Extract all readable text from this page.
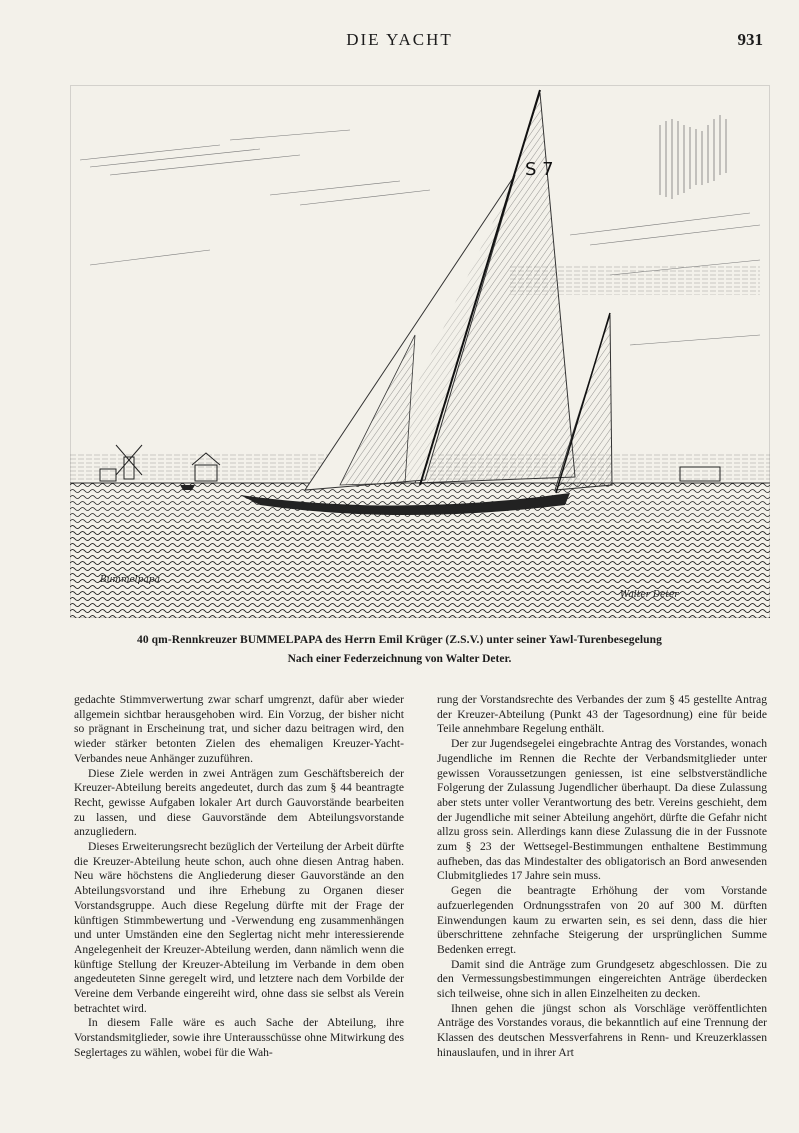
DIE YACHT	931
S 7
Bummelpapa
Walter Deter
40 qm-Rennkreuzer BUMMELPAPA des Herrn Emil Krüger (Z.S.V.) unter seiner Yawl-Turenbesegelung
Nach einer Federzeichnung von Walter Deter.

gedachte Stimmverwertung zwar scharf umgrenzt, dafür aber wieder allgemein sichtbar herausgehoben wird. Ein Vorzug, der bisher nicht so prägnant in Erscheinung trat, und sicher dazu beitragen wird, den wieder stärker betonten Zielen des ehemaligen Kreuzer-Yacht-Verbandes neue Anhänger zuzuführen.

Diese Ziele werden in zwei Anträgen zum Geschäftsbereich der Kreuzer-Abteilung bereits angedeutet, durch das zum § 44 beantragte Recht, gewisse Aufgaben lokaler Art durch Gauvorstände bearbeiten zu lassen, und diese Gauvorstände dem Abteilungsvorstande anzugliedern.

Dieses Erweiterungsrecht bezüglich der Verteilung der Arbeit dürfte die Kreuzer-Abteilung heute schon, auch ohne diesen Antrag haben. Neu wäre höchstens die Angliederung dieser Gauvorstände an den Abteilungsvorstand und ihre Erhebung zu Organen dieser Vorstandsgruppe. Auch diese Regelung dürfte mit der Frage der künftigen Stimmbewertung und -Verwendung eng zusammenhängen und unter Umständen eine den Seglertag nicht mehr interessierende Angelegenheit der Kreuzer-Abteilung werden, dann nämlich wenn die künftige Stellung der Kreuzer-Abteilung im Verbande in dem oben angedeuteten Sinne geregelt wird, und letztere nach dem Vorbilde der Vereine dem Verbande eingereiht wird, ohne dass sie selbst als Verein betrachtet wird.

In diesem Falle wäre es auch Sache der Abteilung, ihre Vorstandsmitglieder, sowie ihre Unterausschüsse ohne Mitwirkung des Seglertages zu wählen, wobei für die Wah-

rung der Vorstandsrechte des Verbandes der zum § 45 gestellte Antrag der Kreuzer-Abteilung (Punkt 43 der Tagesordnung) eine für beide Teile annehmbare Regelung enthält.

Der zur Jugendsegelei eingebrachte Antrag des Vorstandes, wonach Jugendliche im Rennen die Rechte der Verbandsmitglieder unter gewissen Voraussetzungen geniessen, ist eine selbstverständliche Folgerung der Zulassung Jugendlicher überhaupt. Da diese Zulassung aber stets unter voller Verantwortung des betr. Vereins geschieht, dem der Jugendliche mit seiner Abteilung angehört, dürfte die Gefahr nicht allzu gross sein. Allerdings kann diese Zulassung die in der Fussnote zum § 23 der Wettsegel-Bestimmungen enthaltene Bestimmung aufheben, das das Mindestalter des obligatorisch an Bord anwesenden Clubmitgliedes 17 Jahre sein muss.

Gegen die beantragte Erhöhung der vom Vorstande aufzuerlegenden Ordnungsstrafen von 20 auf 300 M. dürften Einwendungen kaum zu erwarten sein, es sei denn, dass die hier überschrittene zehnfache Steigerung der ursprünglichen Summe Bedenken erregt.

Damit sind die Anträge zum Grundgesetz abgeschlossen. Die zu den Vermessungsbestimmungen eingereichten Anträge überdecken sich teilweise, ohne sich in allen Einzelheiten zu decken.

Ihnen gehen die jüngst schon als Vorschläge veröffentlichten Anträge des Vorstandes voraus, die bekanntlich auf eine Trennung der Klassen des deutschen Messverfahrens in Renn- und Kreuzerklassen hinauslaufen, und in ihrer Art
